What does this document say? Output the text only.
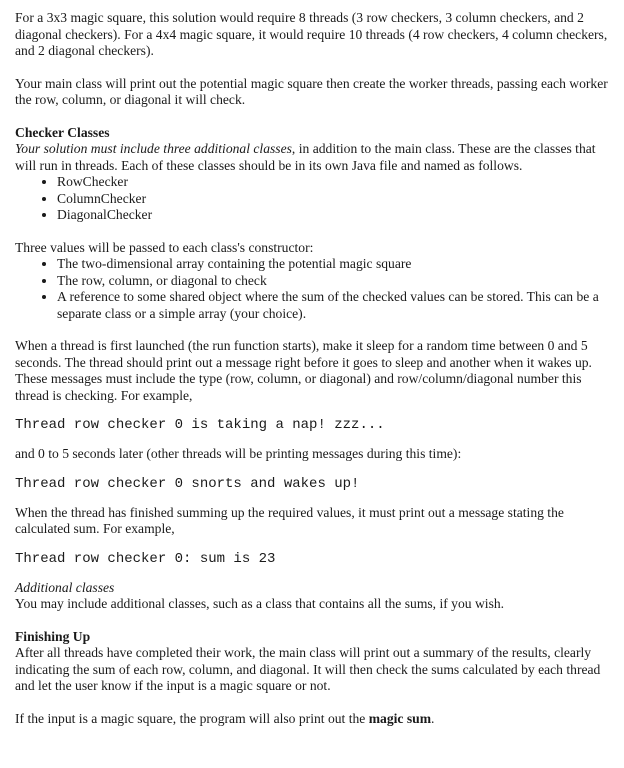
For a 3x3 magic square, this solution would require 8 threads (3 row checkers, 3 column checkers, and 2 diagonal checkers). For a 4x4 magic square, it would require 10 threads (4 row checkers, 4 column checkers, and 2 diagonal checkers).

Your main class will print out the potential magic square then create the worker threads, passing each worker the row, column, or diagonal it will check.

Checker Classes

Your solution must include three additional classes, in addition to the main class. These are the classes that will run in threads. Each of these classes should be in its own Java file and named as follows.

• RowChecker
• ColumnChecker
• DiagonalChecker

Three values will be passed to each class's constructor:

• The two-dimensional array containing the potential magic square
• The row, column, or diagonal to check
• A reference to some shared object where the sum of the checked values can be stored. This can be a separate class or a simple array (your choice).

When a thread is first launched (the run function starts), make it sleep for a random time between 0 and 5 seconds. The thread should print out a message right before it goes to sleep and another when it wakes up. These messages must include the type (row, column, or diagonal) and row/column/diagonal number this thread is checking. For example,

Thread row checker 0 is taking a nap! zzz...

and 0 to 5 seconds later (other threads will be printing messages during this time):

Thread row checker 0 snorts and wakes up!

When the thread has finished summing up the required values, it must print out a message stating the calculated sum. For example,

Thread row checker 0: sum is 23

Additional classes

You may include additional classes, such as a class that contains all the sums, if you wish.

Finishing Up

After all threads have completed their work, the main class will print out a summary of the results, clearly indicating the sum of each row, column, and diagonal. It will then check the sums calculated by each thread and let the user know if the input is a magic square or not.

If the input is a magic square, the program will also print out the magic sum.
